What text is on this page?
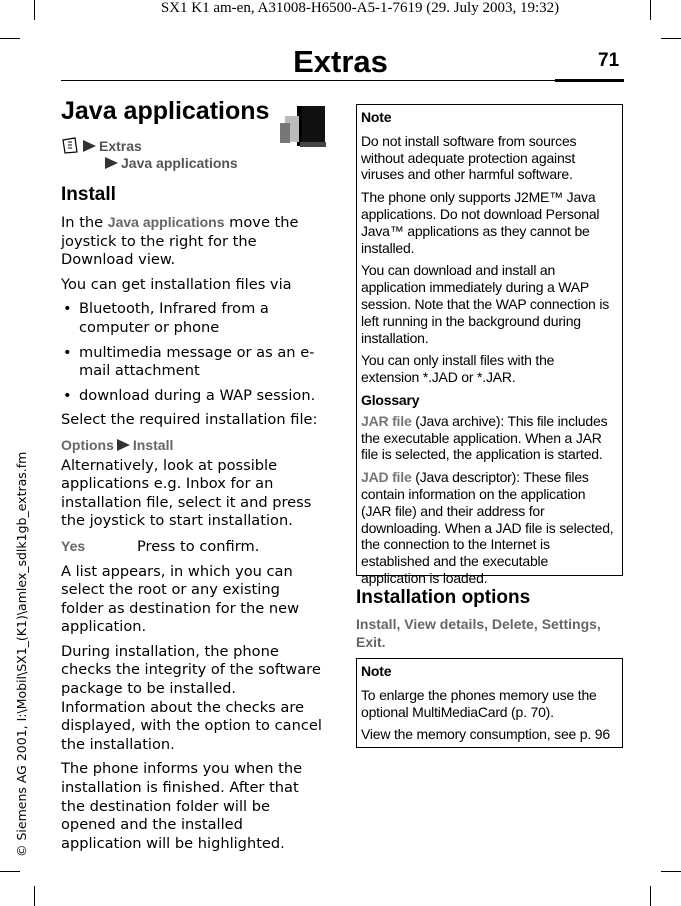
SX1 K1 am-en, A31008-H6500-A5-1-7619 (29. July 2003, 19:32)
Extras	71
© Siemens AG 2001, I:\Mobil\SX1_(K1)\amlex_sdlk1gb_extras.fm
Java applications
Extras
Java applications
Install

In the Java applications move the joystick to the right for the Download view.

You can get installation files via

• Bluetooth, Infrared from a computer or phone
• multimedia message or as an e-mail attachment
• download during a WAP session.

Select the required installation file:

Options Install

Alternatively, look at possible applications e.g. Inbox for an installation file, select it and press the joystick to start installation.

Yes	Press to confirm.

A list appears, in which you can select the root or any existing folder as destination for the new application.

During installation, the phone checks the integrity of the software package to be installed. Information about the checks are displayed, with the option to cancel the installation.

The phone informs you when the installation is finished. After that the destination folder will be opened and the installed application will be highlighted.

Note

Do not install software from sources without adequate protection against viruses and other harmful software.

The phone only supports J2ME™ Java applications. Do not download Personal Java™ applications as they cannot be installed.

You can download and install an application immediately during a WAP session. Note that the WAP connection is left running in the background during installation.

You can only install files with the extension *.JAD or *.JAR.

Glossary

JAR file (Java archive): This file includes the executable application. When a JAR file is selected, the application is started.

JAD file (Java descriptor): These files contain information on the application (JAR file) and their address for downloading. When a JAD file is selected, the connection to the Internet is established and the executable application is loaded.

Installation options
Install, View details, Delete, Settings, Exit.

Note

To enlarge the phones memory use the optional MultiMediaCard (p. 70).

View the memory consumption, see p. 96
